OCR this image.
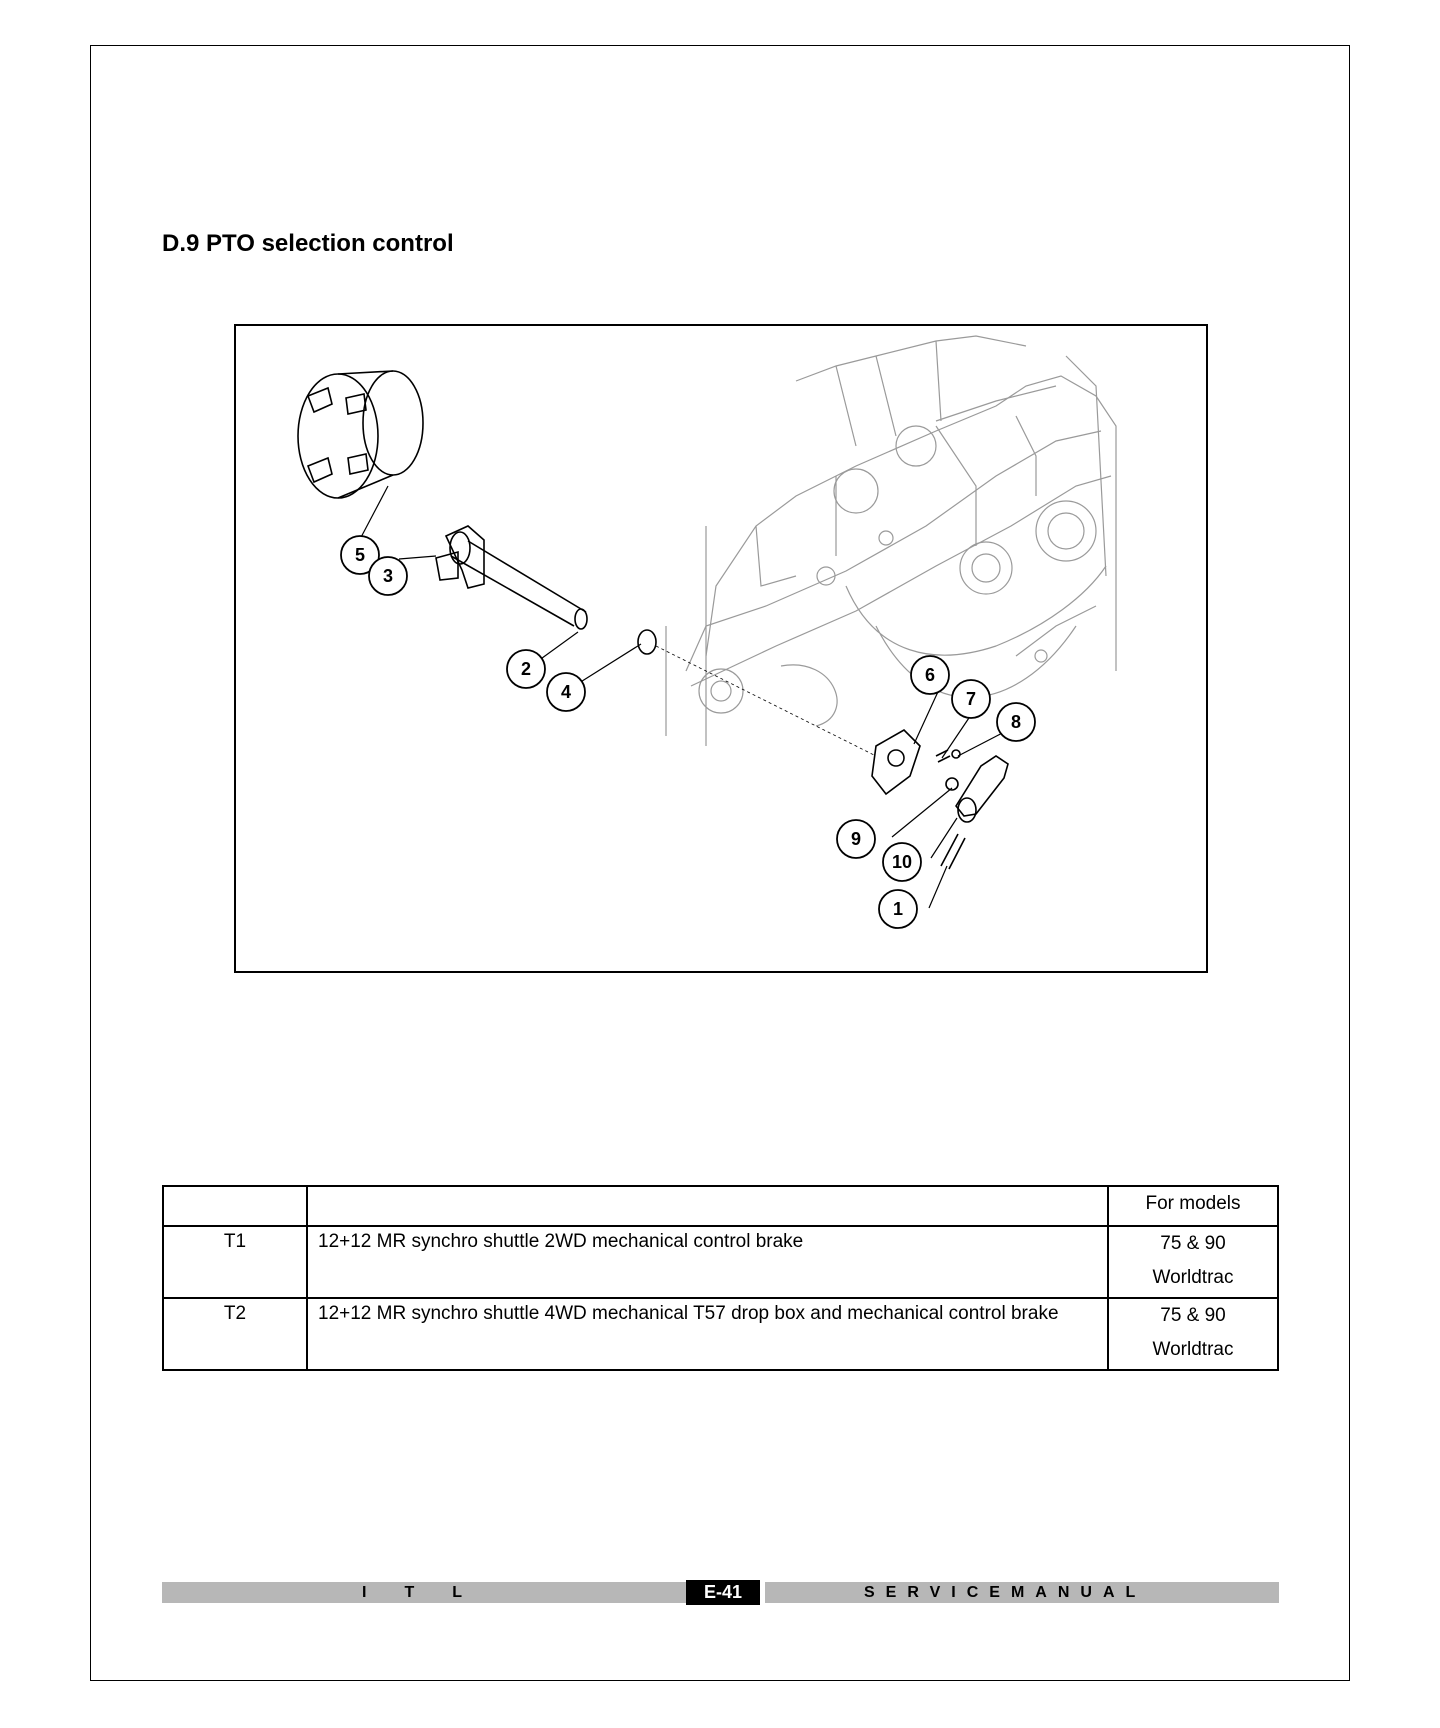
D.9 PTO selection control
5
3
2
4
6
7
8
9
10
1
		For models
T1	12+12 MR synchro shuttle 2WD mechanical control brake	75 & 90
Worldtrac

T2	12+12 MR synchro shuttle 4WD mechanical T57 drop box and mechanical control brake	75 & 90
Worldtrac
ITL	E-41	SERVICEMANUAL
